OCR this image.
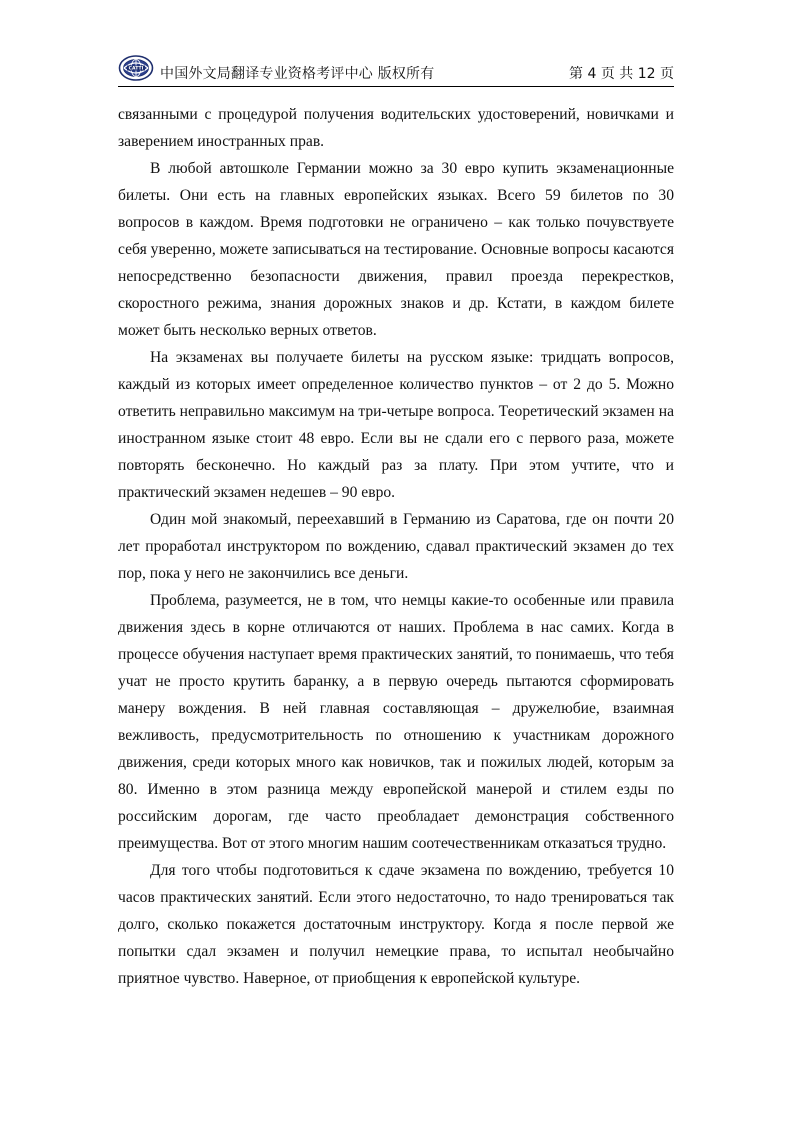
CATTI 中国外文局翻译专业资格考评中心 版权所有	第 4 页 共 12 页

связанными с процедурой получения водительских удостоверений, новичками и заверением иностранных прав.

В любой автошколе Германии можно за 30 евро купить экзаменационные билеты. Они есть на главных европейских языках. Всего 59 билетов по 30 вопросов в каждом. Время подготовки не ограничено – как только почувствуете себя уверенно, можете записываться на тестирование. Основные вопросы касаются непосредственно безопасности движения, правил проезда перекрестков, скоростного режима, знания дорожных знаков и др. Кстати, в каждом билете может быть несколько верных ответов.

На экзаменах вы получаете билеты на русском языке: тридцать вопросов, каждый из которых имеет определенное количество пунктов – от 2 до 5. Можно ответить неправильно максимум на три-четыре вопроса. Теоретический экзамен на иностранном языке стоит 48 евро. Если вы не сдали его с первого раза, можете повторять бесконечно. Но каждый раз за плату. При этом учтите, что и практический экзамен недешев – 90 евро.

Один мой знакомый, переехавший в Германию из Саратова, где он почти 20 лет проработал инструктором по вождению, сдавал практический экзамен до тех пор, пока у него не закончились все деньги.

Проблема, разумеется, не в том, что немцы какие-то особенные или правила движения здесь в корне отличаются от наших. Проблема в нас самих. Когда в процессе обучения наступает время практических занятий, то понимаешь, что тебя учат не просто крутить баранку, а в первую очередь пытаются сформировать манеру вождения. В ней главная составляющая – дружелюбие, взаимная вежливость, предусмотрительность по отношению к участникам дорожного движения, среди которых много как новичков, так и пожилых людей, которым за 80. Именно в этом разница между европейской манерой и стилем езды по российским дорогам, где часто преобладает демонстрация собственного преимущества. Вот от этого многим нашим соотечественникам отказаться трудно.

Для того чтобы подготовиться к сдаче экзамена по вождению, требуется 10 часов практических занятий. Если этого недостаточно, то надо тренироваться так долго, сколько покажется достаточным инструктору. Когда я после первой же попытки сдал экзамен и получил немецкие права, то испытал необычайно приятное чувство. Наверное, от приобщения к европейской культуре.
